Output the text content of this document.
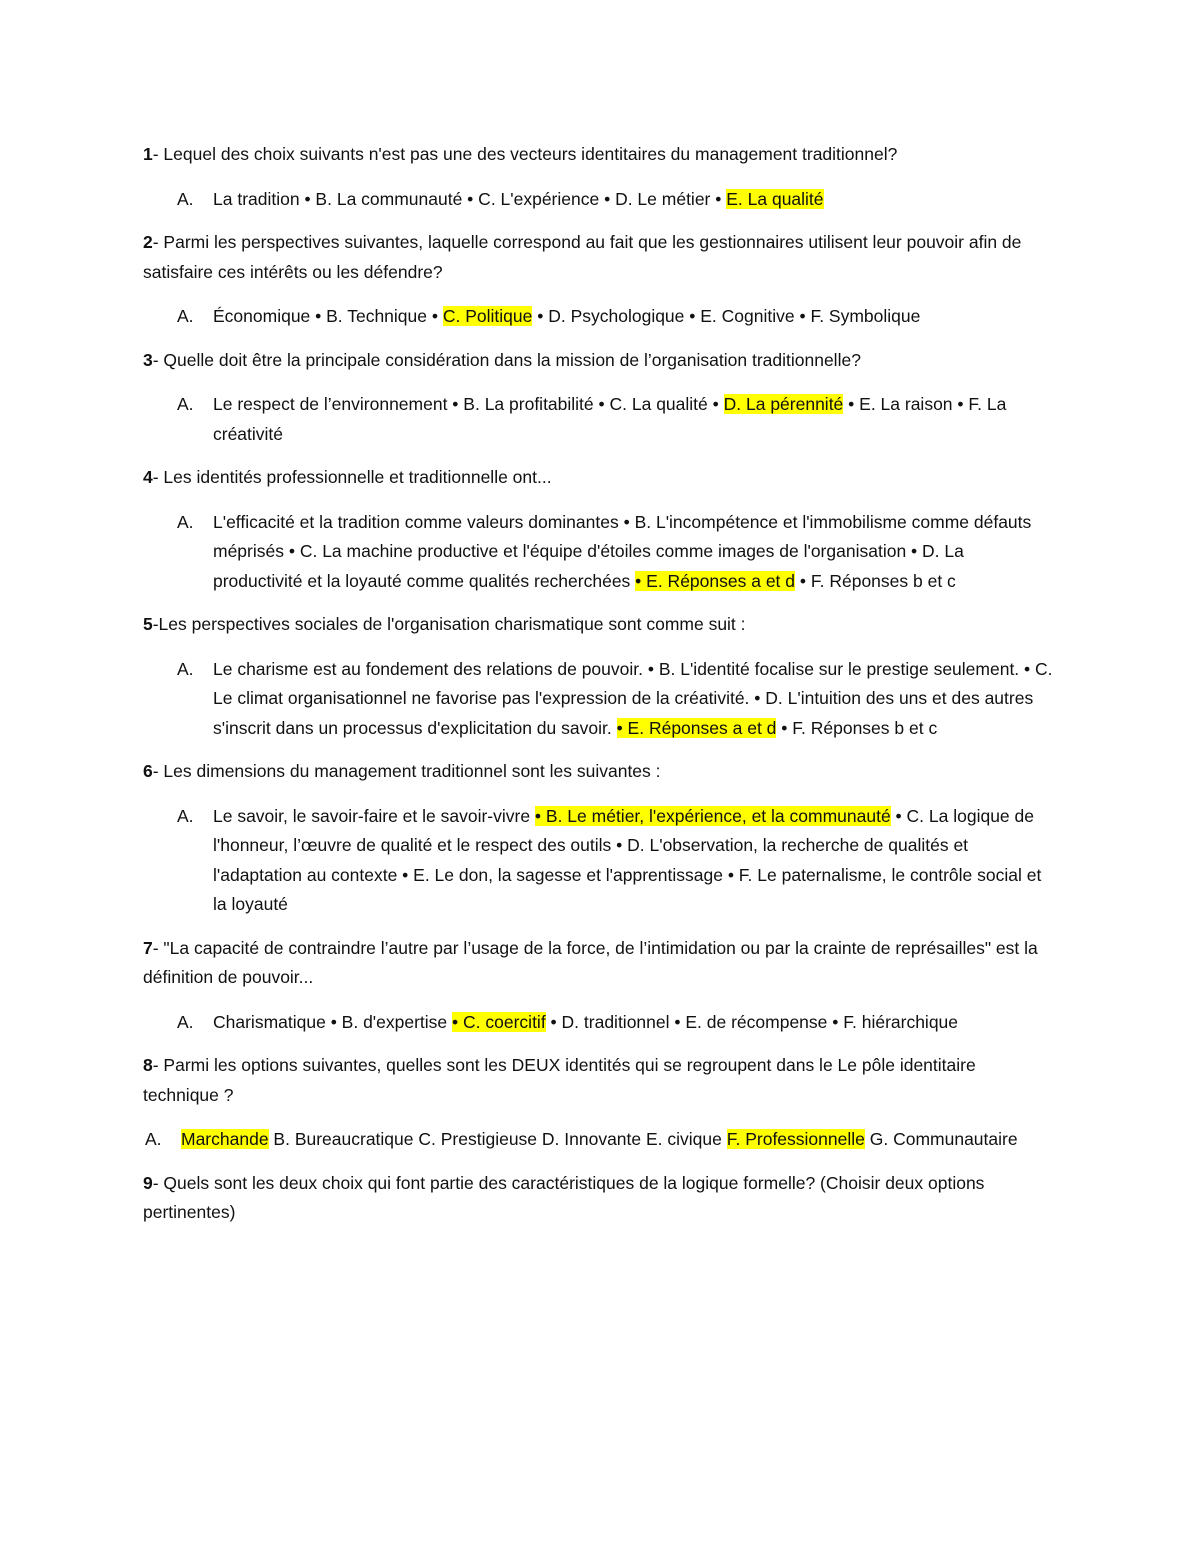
1- Lequel des choix suivants n'est pas une des vecteurs identitaires du management traditionnel?

A.	La tradition • B. La communauté • C. L'expérience • D. Le métier • E. La qualité

2- Parmi les perspectives suivantes, laquelle correspond au fait que les gestionnaires utilisent leur pouvoir afin de satisfaire ces intérêts ou les défendre?

A.	Économique • B. Technique • C. Politique • D. Psychologique • E. Cognitive • F. Symbolique

3- Quelle doit être la principale considération dans la mission de l’organisation traditionnelle?

A.	Le respect de l’environnement • B. La profitabilité • C. La qualité • D. La pérennité • E. La raison • F. La créativité

4- Les identités professionnelle et traditionnelle ont...

A.	L'efficacité et la tradition comme valeurs dominantes • B. L'incompétence et l'immobilisme comme défauts méprisés • C. La machine productive et l'équipe d'étoiles comme images de l'organisation • D. La productivité et la loyauté comme qualités recherchées • E. Réponses a et d • F. Réponses b et c

5-Les perspectives sociales de l'organisation charismatique sont comme suit :

A.	Le charisme est au fondement des relations de pouvoir. • B. L'identité focalise sur le prestige seulement. • C. Le climat organisationnel ne favorise pas l'expression de la créativité. • D. L'intuition des uns et des autres s'inscrit dans un processus d'explicitation du savoir. • E. Réponses a et d • F. Réponses b et c

6- Les dimensions du management traditionnel sont les suivantes :

A.	Le savoir, le savoir-faire et le savoir-vivre • B. Le métier, l'expérience, et la communauté • C. La logique de l'honneur, l’œuvre de qualité et le respect des outils • D. L'observation, la recherche de qualités et l'adaptation au contexte • E. Le don, la sagesse et l'apprentissage • F. Le paternalisme, le contrôle social et la loyauté

7- "La capacité de contraindre l’autre par l’usage de la force, de l’intimidation ou par la crainte de représailles" est la définition de pouvoir...

A.	Charismatique • B. d'expertise • C. coercitif • D. traditionnel • E. de récompense • F. hiérarchique

8- Parmi les options suivantes, quelles sont les DEUX identités qui se regroupent dans le Le pôle identitaire technique ?

A.	Marchande B. Bureaucratique C. Prestigieuse D. Innovante E. civique F. Professionnelle G. Communautaire

9- Quels sont les deux choix qui font partie des caractéristiques de la logique formelle? (Choisir deux options pertinentes)
